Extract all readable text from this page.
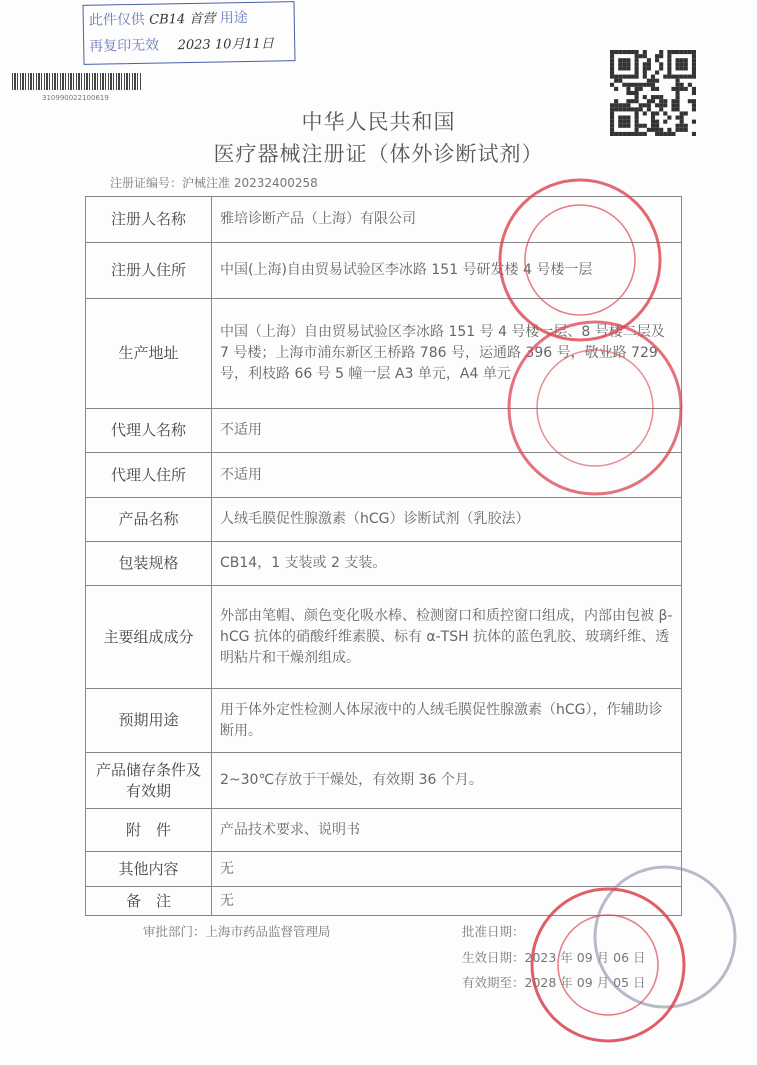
此件仅供 CB14 首营 用途
再复印无效 2023 10月11日
310990022100619
中华人民共和国
医疗器械注册证（体外诊断试剂）
注册证编号：沪械注准 20232400258
注册人名称	雅培诊断产品（上海）有限公司
注册人住所	中国(上海)自由贸易试验区李冰路 151 号研发楼 4 号楼一层
生产地址	中国（上海）自由贸易试验区李冰路 151 号 4 号楼一层、8 号楼二层及 7 号楼；上海市浦东新区王桥路 786 号，运通路 396 号，敬业路 729 号，利枝路 66 号 5 幢一层 A3 单元，A4 单元
代理人名称	不适用
代理人住所	不适用
产品名称	人绒毛膜促性腺激素（hCG）诊断试剂（乳胶法）
包装规格	CB14，1 支装或 2 支装。
主要组成成分	外部由笔帽、颜色变化吸水棒、检测窗口和质控窗口组成，内部由包被 β-hCG 抗体的硝酸纤维素膜、标有 α-TSH 抗体的蓝色乳胶、玻璃纤维、透明粘片和干燥剂组成。
预期用途	用于体外定性检测人体尿液中的人绒毛膜促性腺激素（hCG），作辅助诊断用。
产品储存条件及有效期	2~30℃存放于干燥处，有效期 36 个月。
附　件	产品技术要求、说明书
其他内容	无
备　注	无
审批部门：上海市药品监督管理局	批准日期：
生效日期：2023 年 09 月 06 日
有效期至：2028 年 09 月 05 日
